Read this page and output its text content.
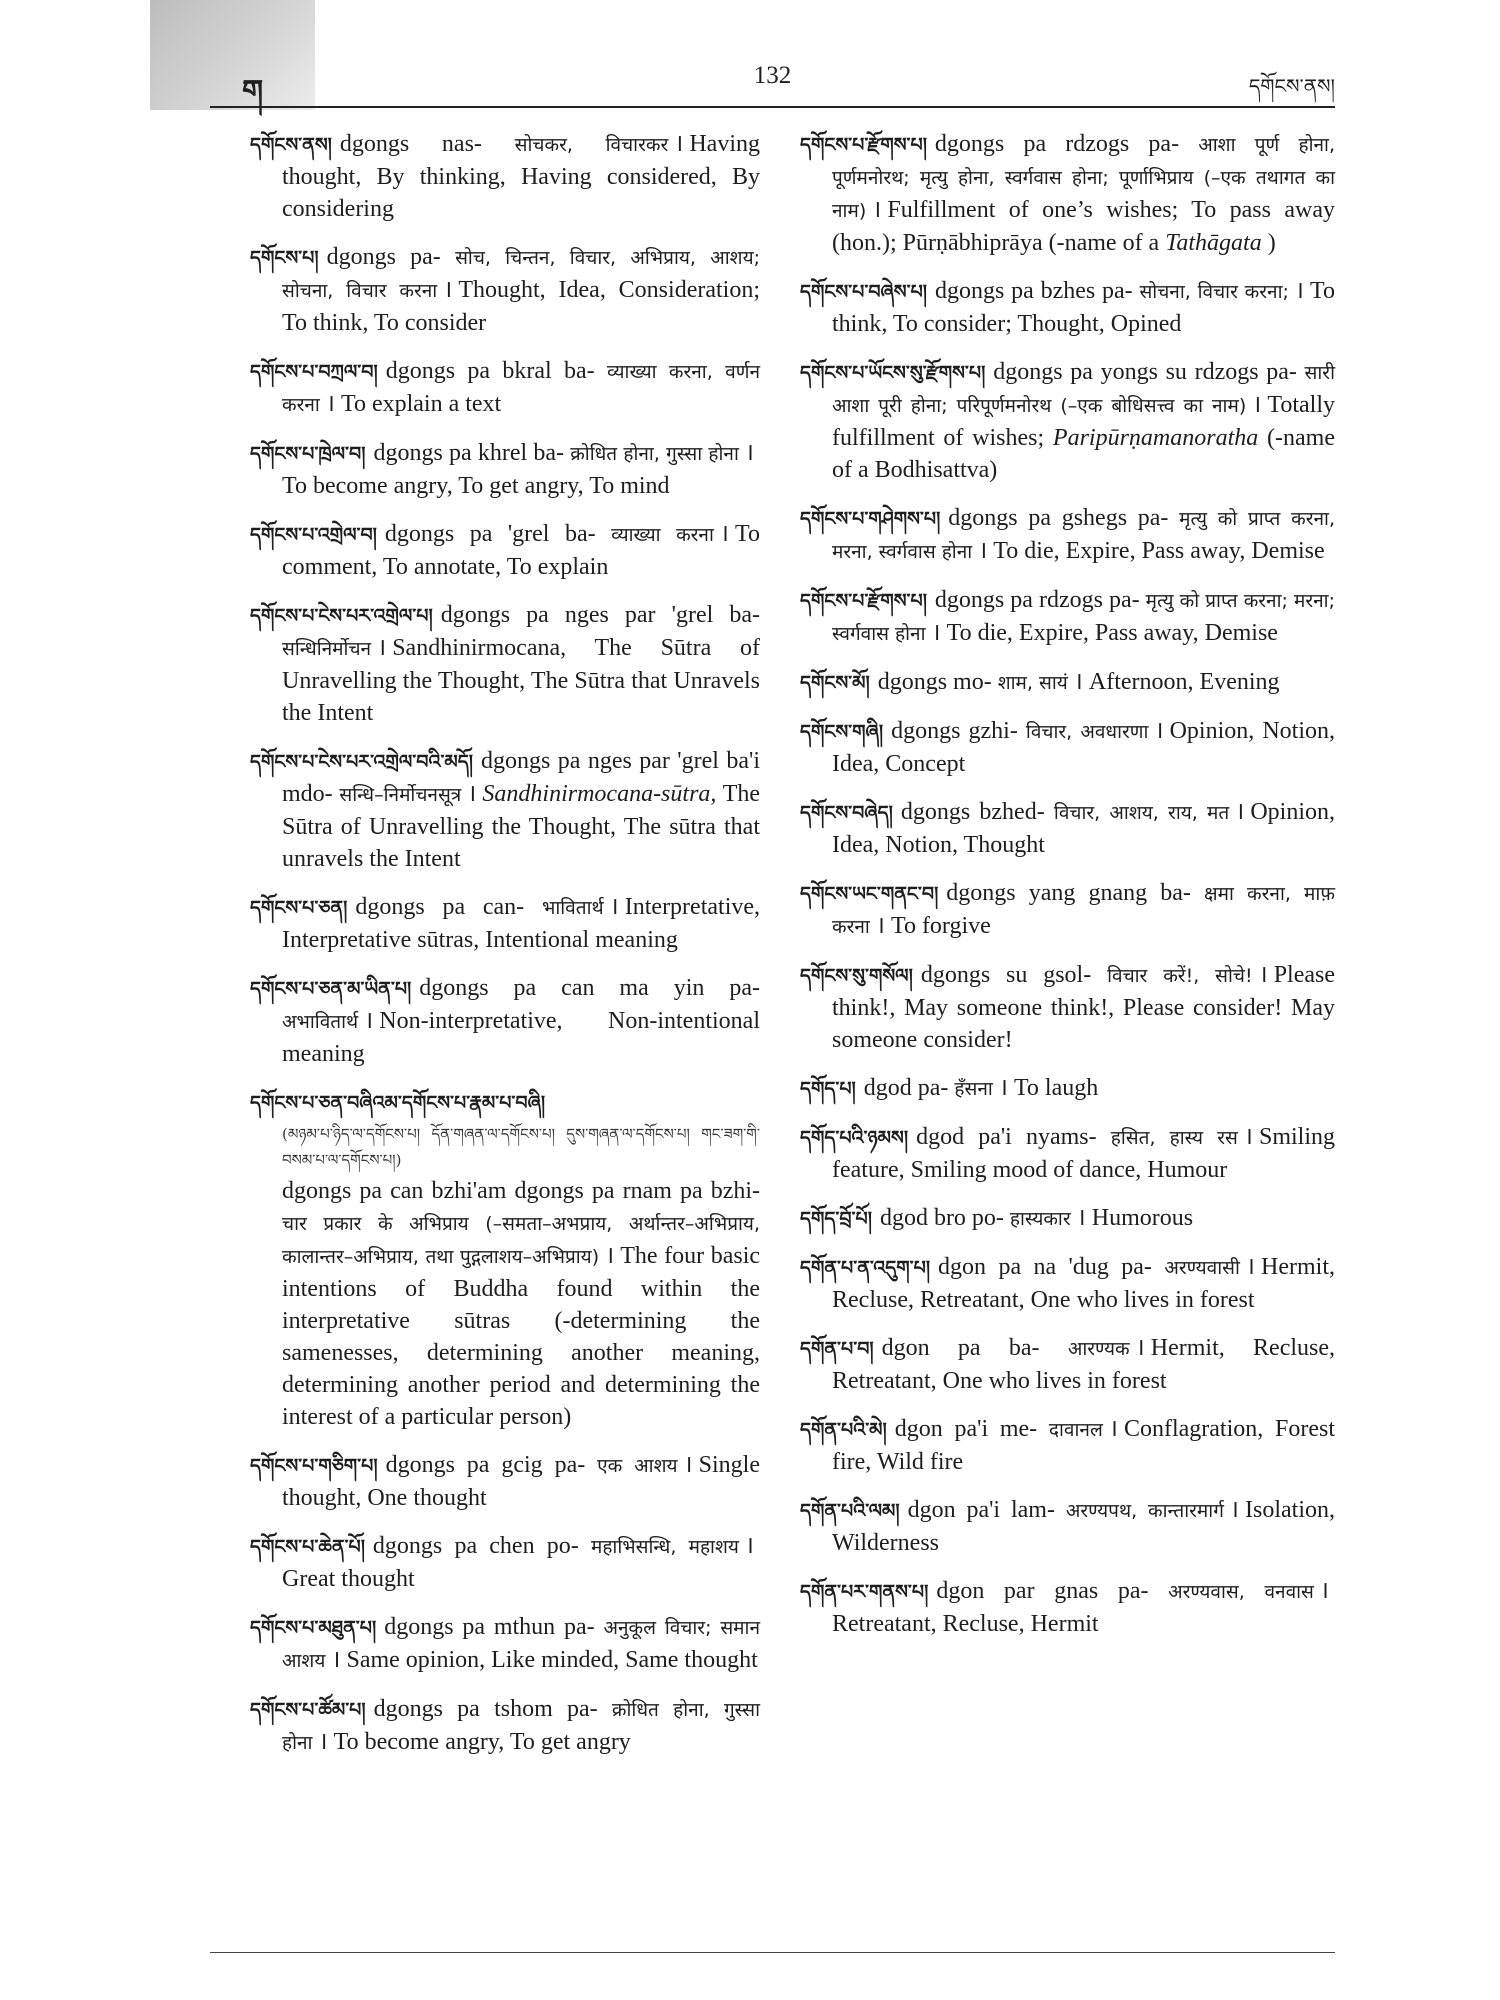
ག	132	དགོངས་ནས།

དགོངས་ནས། dgongs nas- सोचकर, विचारकर । Having thought, By thinking, Having considered, By considering

དགོངས་པ། dgongs pa- सोच, चिन्तन, विचार, अभिप्राय, आशय; सोचना, विचार करना । Thought, Idea, Consideration; To think, To consider

དགོངས་པ་བཀྲལ་བ། dgongs pa bkral ba- व्याख्या करना, वर्णन करना । To explain a text

དགོངས་པ་ཁྲེལ་བ། dgongs pa khrel ba- क्रोधित होना, गुस्सा होना ।To become angry, To get angry, To mind

དགོངས་པ་འགྲེལ་བ། dgongs pa 'grel ba- व्याख्या करना । To comment, To annotate, To explain

དགོངས་པ་ངེས་པར་འགྲེལ་པ། dgongs pa nges par 'grel ba- सन्धिनिर्मोचन । Sandhinirmocana, The Sūtra of Unravelling the Thought, The Sūtra that Unravels the Intent

དགོངས་པ་ངེས་པར་འགྲེལ་བའི་མདོ། dgongs pa nges par 'grel ba'i mdo- सन्धि–निर्मोचनसूत्र । Sandhinirmocana-sūtra, The Sūtra of Unravelling the Thought, The sūtra that unravels the Intent

དགོངས་པ་ཅན། dgongs pa can- भावितार्थ । Interpretative, Interpretative sūtras, Intentional meaning

དགོངས་པ་ཅན་མ་ཡིན་པ། dgongs pa can ma yin pa- अभावितार्थ । Non-interpretative, Non-intentional meaning

དགོངས་པ་ཅན་བཞིའམ་དགོངས་པ་རྣམ་པ་བཞི།
(མཉམ་པ་ཉིད་ལ་དགོངས་པ། དོན་གཞན་ལ་དགོངས་པ། དུས་གཞན་ལ་དགོངས་པ། གང་ཟག་གི་བསམ་པ་ལ་དགོངས་པ།)
dgongs pa can bzhi'am dgongs pa rnam pa bzhi- चार प्रकार के अभिप्राय (–समता–अभप्राय, अर्थान्तर–अभिप्राय, कालान्तर–अभिप्राय, तथा पुद्गलाशय–अभिप्राय) । The four basic intentions of Buddha found within the interpretative sūtras (-determining the samenesses, determining another meaning, determining another period and determining the interest of a particular person)

དགོངས་པ་གཅིག་པ། dgongs pa gcig pa- एक आशय । Single thought, One thought

དགོངས་པ་ཆེན་པོ། dgongs pa chen po- महाभिसन्धि, महाशय ।Great thought

དགོངས་པ་མཐུན་པ། dgongs pa mthun pa- अनुकूल विचार; समान आशय । Same opinion, Like minded, Same thought

དགོངས་པ་ཚོམ་པ། dgongs pa tshom pa- क्रोधित होना, गुस्सा होना । To become angry, To get angry

དགོངས་པ་རྫོགས་པ། dgongs pa rdzogs pa- आशा पूर्ण होना, पूर्णमनोरथ; मृत्यु होना, स्वर्गवास होना; पूर्णाभिप्राय (–एक तथागत का नाम) । Fulfillment of one’s wishes; To pass away (hon.); Pūrṇābhiprāya (-name of a Tathāgata )

དགོངས་པ་བཞེས་པ། dgongs pa bzhes pa- सोचना, विचार करना; । To think, To consider; Thought, Opined

དགོངས་པ་ཡོངས་སུ་རྫོགས་པ། dgongs pa yongs su rdzogs pa- सारी आशा पूरी होना; परिपूर्णमनोरथ (–एक बोधिसत्त्व का नाम) । Totally fulfillment of wishes; Paripūrṇamanoratha (-name of a Bodhisattva)

དགོངས་པ་གཤེགས་པ། dgongs pa gshegs pa- मृत्यु को प्राप्त करना, मरना, स्वर्गवास होना । To die, Expire, Pass away, Demise

དགོངས་པ་རྫོགས་པ། dgongs pa rdzogs pa- मृत्यु को प्राप्त करना; मरना; स्वर्गवास होना । To die, Expire, Pass away, Demise

དགོངས་མོ། dgongs mo- शाम, सायं । Afternoon, Evening

དགོངས་གཞི། dgongs gzhi- विचार, अवधारणा । Opinion, Notion, Idea, Concept

དགོངས་བཞེད། dgongs bzhed- विचार, आशय, राय, मत । Opinion, Idea, Notion, Thought

དགོངས་ཡང་གནང་བ། dgongs yang gnang ba- क्षमा करना, माफ़ करना । To forgive

དགོངས་སུ་གསོལ། dgongs su gsol- विचार करें!, सोचे! । Please think!, May someone think!, Please consider! May someone consider!

དགོད་པ། dgod pa- हँसना । To laugh

དགོད་པའི་ཉམས། dgod pa'i nyams- हसित, हास्य रस । Smiling feature, Smiling mood of dance, Humour

དགོད་བྲོ་པོ། dgod bro po- हास्यकार । Humorous

དགོན་པ་ན་འདུག་པ། dgon pa na 'dug pa- अरण्यवासी । Hermit, Recluse, Retreatant, One who lives in forest

དགོན་པ་བ། dgon pa ba- आरण्यक । Hermit, Recluse, Retreatant, One who lives in forest

དགོན་པའི་མེ། dgon pa'i me- दावानल । Conflagration, Forest fire, Wild fire

དགོན་པའི་ལམ། dgon pa'i lam- अरण्यपथ, कान्तारमार्ग । Isolation, Wilderness

དགོན་པར་གནས་པ། dgon par gnas pa- अरण्यवास, वनवास ।Retreatant, Recluse, Hermit
